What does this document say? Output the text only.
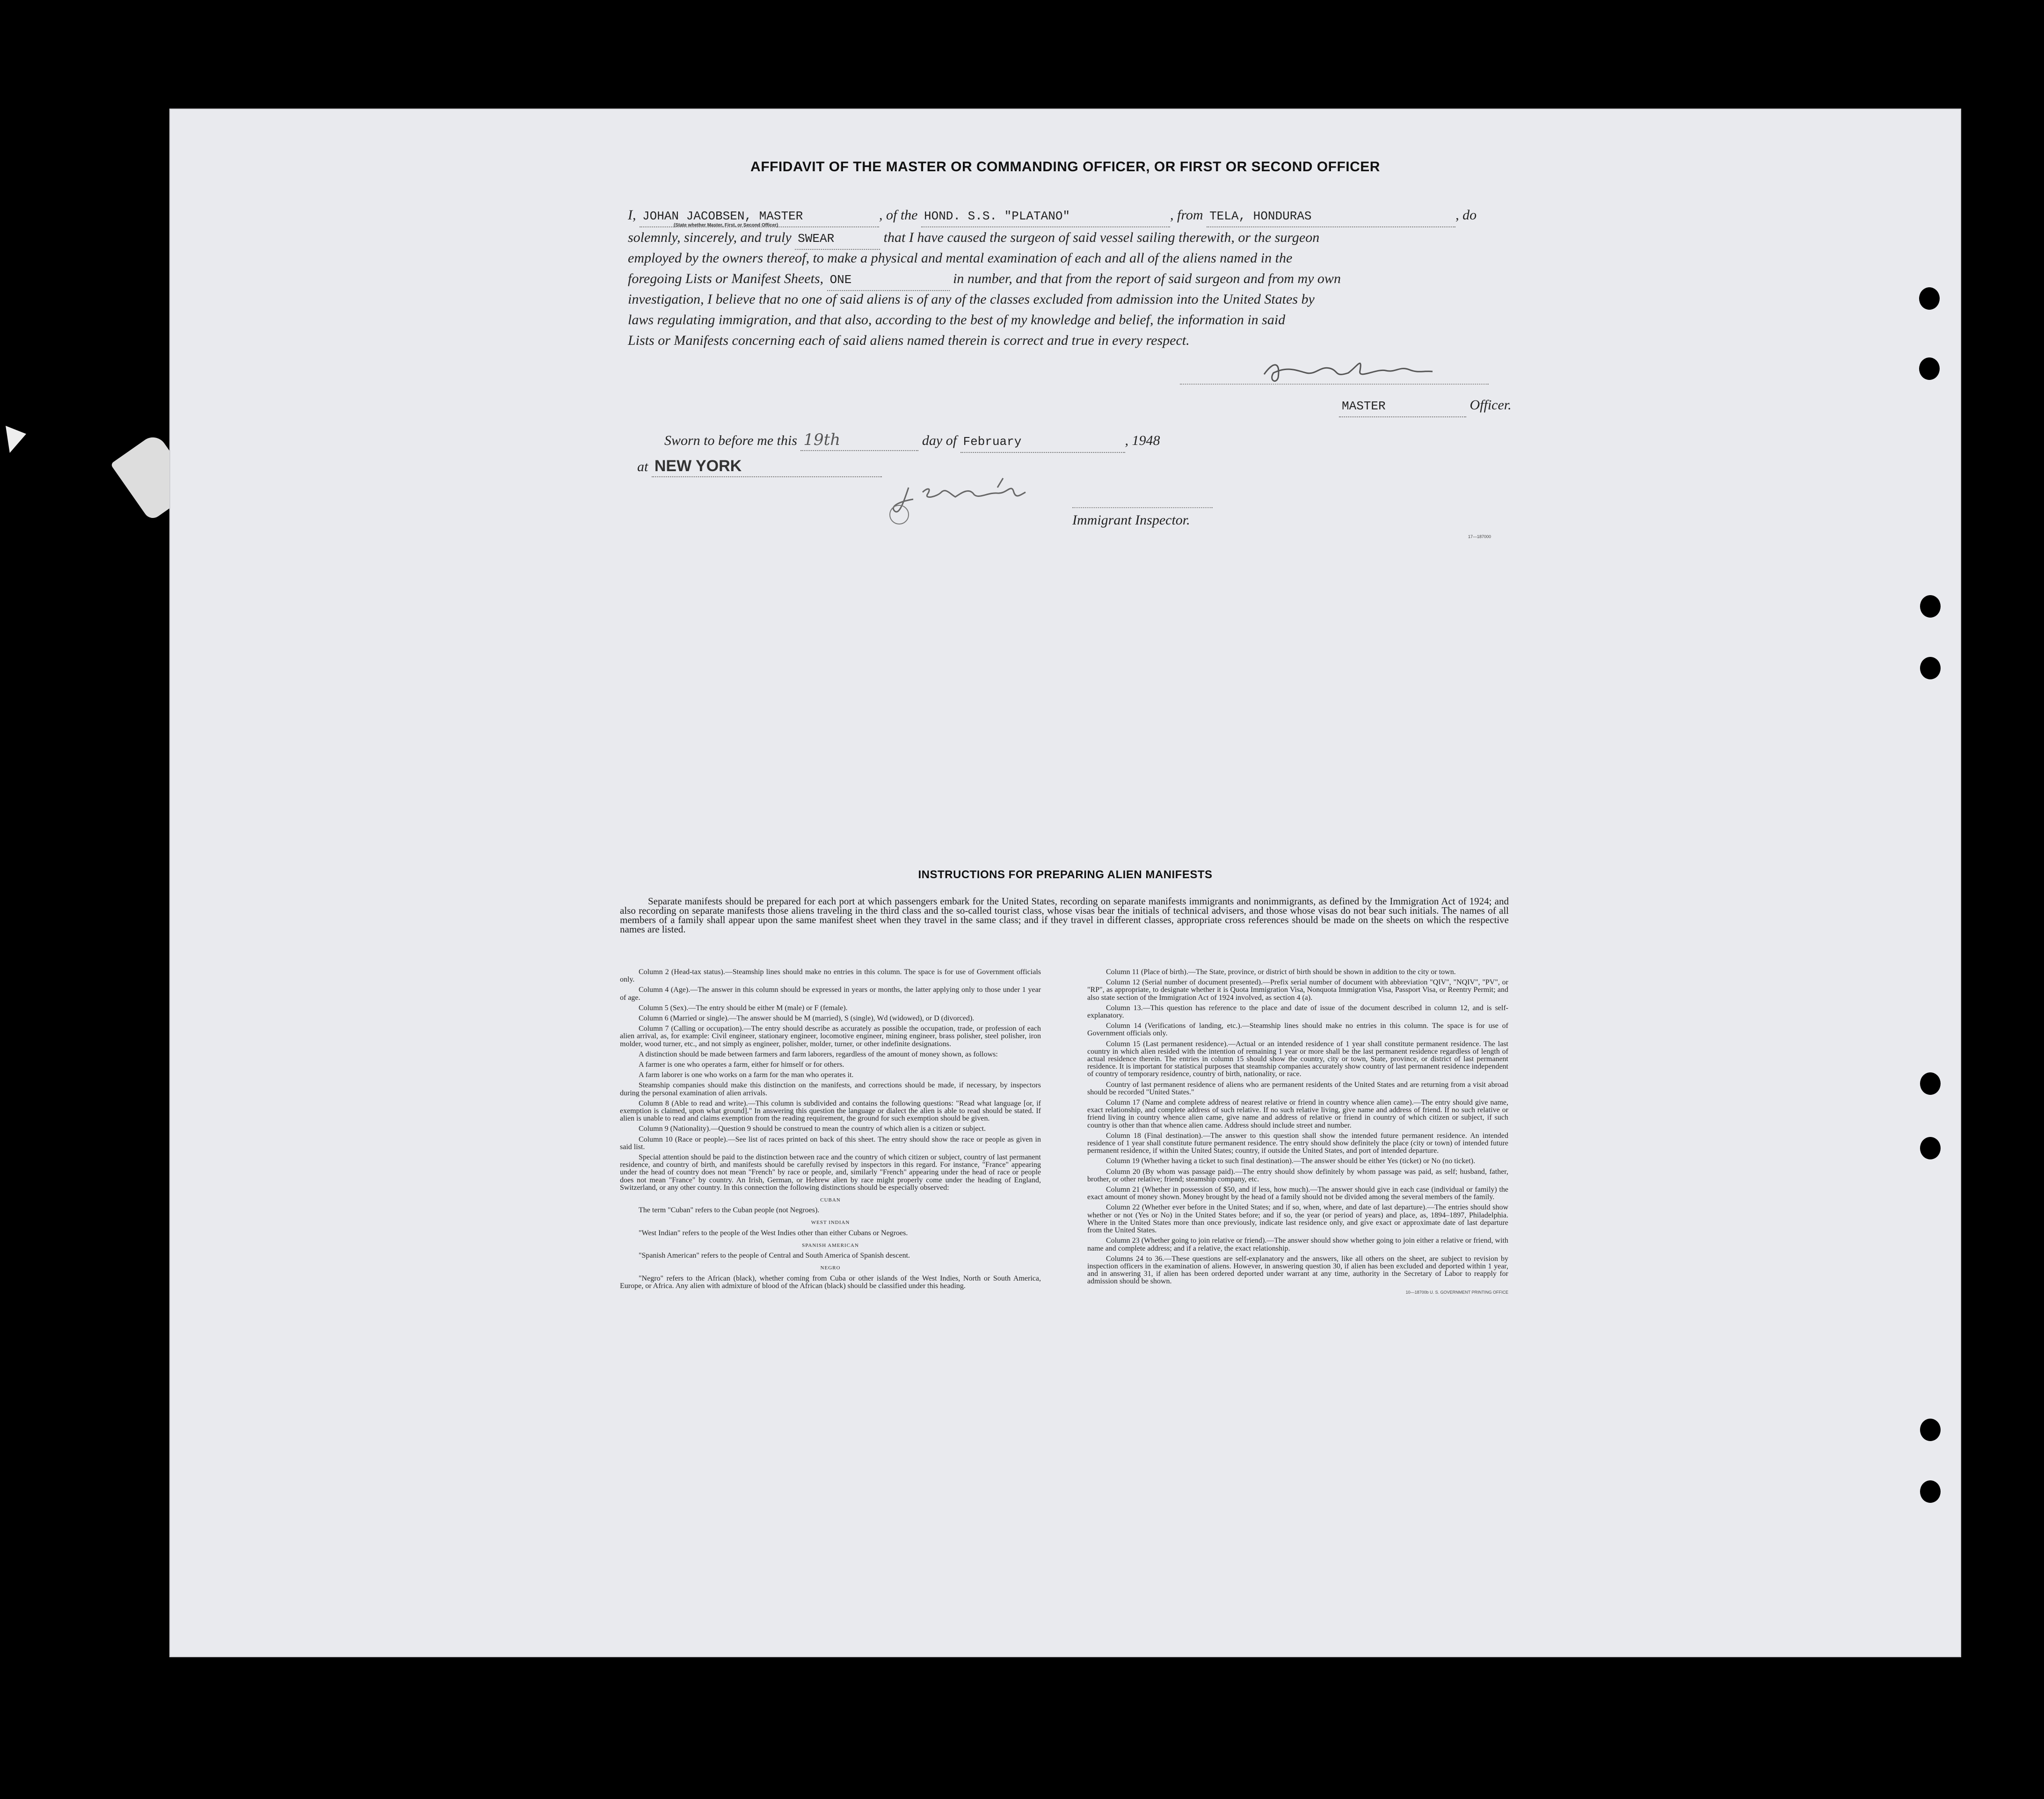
AFFIDAVIT OF THE MASTER OR COMMANDING OFFICER, OR FIRST OR SECOND OFFICER
I, JOHAN JACOBSEN, MASTER	, of the HOND. S.S. "PLATANO"	, from TELA, HONDURAS	, do
(State whether Master, First, or Second Officer)
solemnly, sincerely, and truly SWEAR	that I have caused the surgeon of said vessel sailing therewith, or the surgeon
employed by the owners thereof, to make a physical and mental examination of each and all of the aliens named in the
foregoing Lists or Manifest Sheets, ONE	in number, and that from the report of said surgeon and from my own
investigation, I believe that no one of said aliens is of any of the classes excluded from admission into the United States by
laws regulating immigration, and that also, according to the best of my knowledge and belief, the information in said
Lists or Manifests concerning each of said aliens named therein is correct and true in every respect.
MASTER	Officer.
Sworn to before me this 19th	day of February	, 1948
at NEW YORK
Immigrant Inspector.
17—187000
INSTRUCTIONS FOR PREPARING ALIEN MANIFESTS
Separate manifests should be prepared for each port at which passengers embark for the United States, recording on separate manifests immigrants and nonimmigrants, as defined by the Immigration Act of 1924; and also recording on separate manifests those aliens traveling in the third class and the so-called tourist class, whose visas bear the initials of technical advisers, and those whose visas do not bear such initials. The names of all members of a family shall appear upon the same manifest sheet when they travel in the same class; and if they travel in different classes, appropriate cross references should be made on the sheets on which the respective names are listed.

Column 2 (Head-tax status).—Steamship lines should make no entries in this column. The space is for use of Government officials only.

Column 4 (Age).—The answer in this column should be expressed in years or months, the latter applying only to those under 1 year of age.

Column 5 (Sex).—The entry should be either M (male) or F (female).

Column 6 (Married or single).—The answer should be M (married), S (single), Wd (widowed), or D (divorced).

Column 7 (Calling or occupation).—The entry should describe as accurately as possible the occupation, trade, or profession of each alien arrival, as, for example: Civil engineer, stationary engineer, locomotive engineer, mining engineer, brass polisher, steel polisher, iron molder, wood turner, etc., and not simply as engineer, polisher, molder, turner, or other indefinite designations.

A distinction should be made between farmers and farm laborers, regardless of the amount of money shown, as follows:

A farmer is one who operates a farm, either for himself or for others.

A farm laborer is one who works on a farm for the man who operates it.

Steamship companies should make this distinction on the manifests, and corrections should be made, if necessary, by inspectors during the personal examination of alien arrivals.

Column 8 (Able to read and write).—This column is subdivided and contains the following questions: "Read what language [or, if exemption is claimed, upon what ground]." In answering this question the language or dialect the alien is able to read should be stated. If alien is unable to read and claims exemption from the reading requirement, the ground for such exemption should be given.

Column 9 (Nationality).—Question 9 should be construed to mean the country of which alien is a citizen or subject.

Column 10 (Race or people).—See list of races printed on back of this sheet. The entry should show the race or people as given in said list.

Special attention should be paid to the distinction between race and the country of which citizen or subject, country of last permanent residence, and country of birth, and manifests should be carefully revised by inspectors in this regard. For instance, "France" appearing under the head of country does not mean "French" by race or people, and, similarly "French" appearing under the head of race or people does not mean "France" by country. An Irish, German, or Hebrew alien by race might properly come under the heading of England, Switzerland, or any other country. In this connection the following distinctions should be especially observed:

CUBAN

The term "Cuban" refers to the Cuban people (not Negroes).

WEST INDIAN

"West Indian" refers to the people of the West Indies other than either Cubans or Negroes.

SPANISH AMERICAN

"Spanish American" refers to the people of Central and South America of Spanish descent.

NEGRO

"Negro" refers to the African (black), whether coming from Cuba or other islands of the West Indies, North or South America, Europe, or Africa. Any alien with admixture of blood of the African (black) should be classified under this heading.

Column 11 (Place of birth).—The State, province, or district of birth should be shown in addition to the city or town.

Column 12 (Serial number of document presented).—Prefix serial number of document with abbreviation "QIV", "NQIV", "PV", or "RP", as appropriate, to designate whether it is Quota Immigration Visa, Nonquota Immigration Visa, Passport Visa, or Reentry Permit; and also state section of the Immigration Act of 1924 involved, as section 4 (a).

Column 13.—This question has reference to the place and date of issue of the document described in column 12, and is self-explanatory.

Column 14 (Verifications of landing, etc.).—Steamship lines should make no entries in this column. The space is for use of Government officials only.

Column 15 (Last permanent residence).—Actual or an intended residence of 1 year shall constitute permanent residence. The last country in which alien resided with the intention of remaining 1 year or more shall be the last permanent residence regardless of length of actual residence therein. The entries in column 15 should show the country, city or town, State, province, or district of last permanent residence. It is important for statistical purposes that steamship companies accurately show country of last permanent residence independent of country of temporary residence, country of birth, nationality, or race.

Country of last permanent residence of aliens who are permanent residents of the United States and are returning from a visit abroad should be recorded "United States."

Column 17 (Name and complete address of nearest relative or friend in country whence alien came).—The entry should give name, exact relationship, and complete address of such relative. If no such relative living, give name and address of friend. If no such relative or friend living in country whence alien came, give name and address of relative or friend in country of which citizen or subject, if such country is other than that whence alien came. Address should include street and number.

Column 18 (Final destination).—The answer to this question shall show the intended future permanent residence. An intended residence of 1 year shall constitute future permanent residence. The entry should show definitely the place (city or town) of intended future permanent residence, if within the United States; country, if outside the United States, and port of intended departure.

Column 19 (Whether having a ticket to such final destination).—The answer should be either Yes (ticket) or No (no ticket).

Column 20 (By whom was passage paid).—The entry should show definitely by whom passage was paid, as self; husband, father, brother, or other relative; friend; steamship company, etc.

Column 21 (Whether in possession of $50, and if less, how much).—The answer should give in each case (individual or family) the exact amount of money shown. Money brought by the head of a family should not be divided among the several members of the family.

Column 22 (Whether ever before in the United States; and if so, when, where, and date of last departure).—The entries should show whether or not (Yes or No) in the United States before; and if so, the year (or period of years) and place, as, 1894–1897, Philadelphia. Where in the United States more than once previously, indicate last residence only, and give exact or approximate date of last departure from the United States.

Column 23 (Whether going to join relative or friend).—The answer should show whether going to join either a relative or friend, with name and complete address; and if a relative, the exact relationship.

Columns 24 to 36.—These questions are self-explanatory and the answers, like all others on the sheet, are subject to revision by inspection officers in the examination of aliens. However, in answering question 30, if alien has been excluded and deported within 1 year, and in answering 31, if alien has been ordered deported under warrant at any time, authority in the Secretary of Labor to reapply for admission should be shown.

10—18700b U. S. GOVERNMENT PRINTING OFFICE
